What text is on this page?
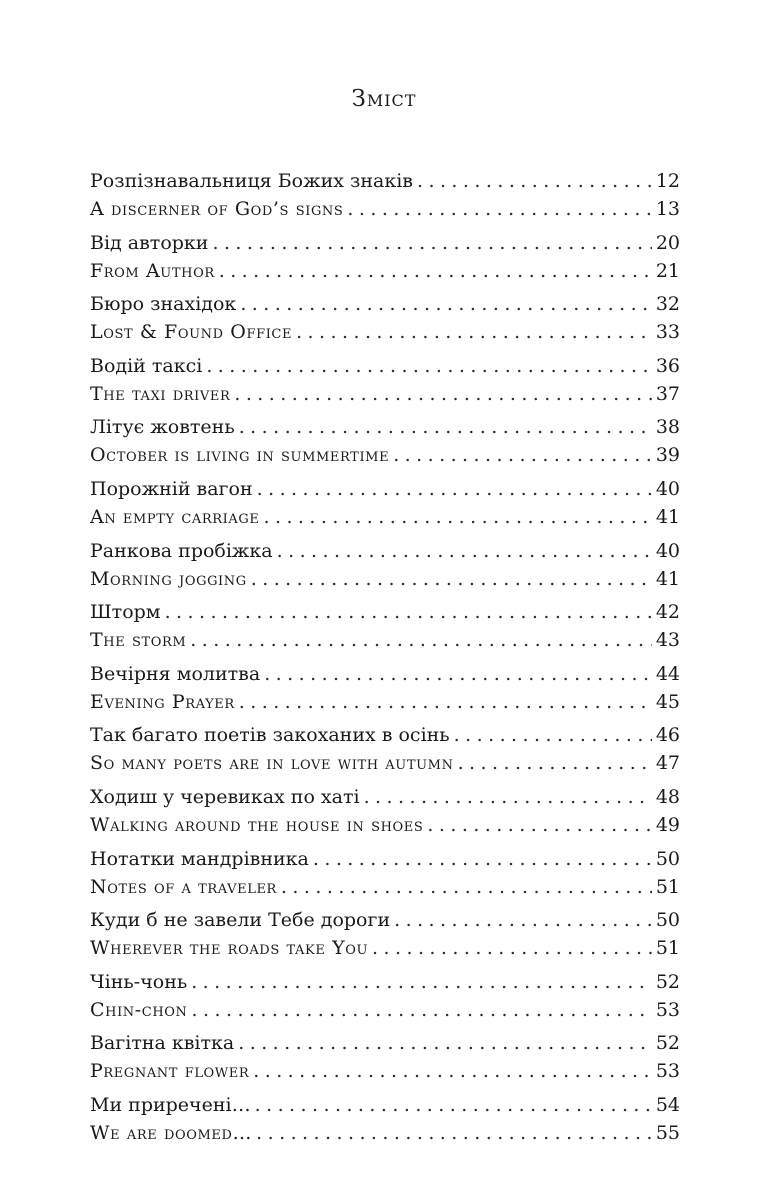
Зміст
Розпізнавальниця Божих знаків . . .	12
A discerner of God’s signs . . .	13
Від авторки . . .	20
From Author . . .	21
Бюро знахідок . . .	32
Lost & Found Office . . .	33
Водій таксі . . .	36
The taxi driver . . .	37
Літує жовтень . . .	38
October is living in summertime . . .	39
Порожній вагон . . .	40
An empty carriage . . .	41
Ранкова пробіжка . . .	40
Morning jogging . . .	41
Шторм . . .	42
The storm . . .	43
Вечірня молитва . . .	44
Evening Prayer . . .	45
Так багато поетів закоханих в осінь . . .	46
So many poets are in love with autumn . . .	47
Ходиш у черевиках по хаті . . .	48
Walking around the house in shoes . . .	49
Нотатки мандрівника . . .	50
Notes of a traveler . . .	51
Куди б не завели Тебе дороги . . .	50
Wherever the roads take You . . .	51
Чінь-чонь . . .	52
Chin-chon . . .	53
Вагітна квітка . . .	52
Pregnant flower . . .	53
Ми приречені… . . .	54
We are doomed… . . .	55
